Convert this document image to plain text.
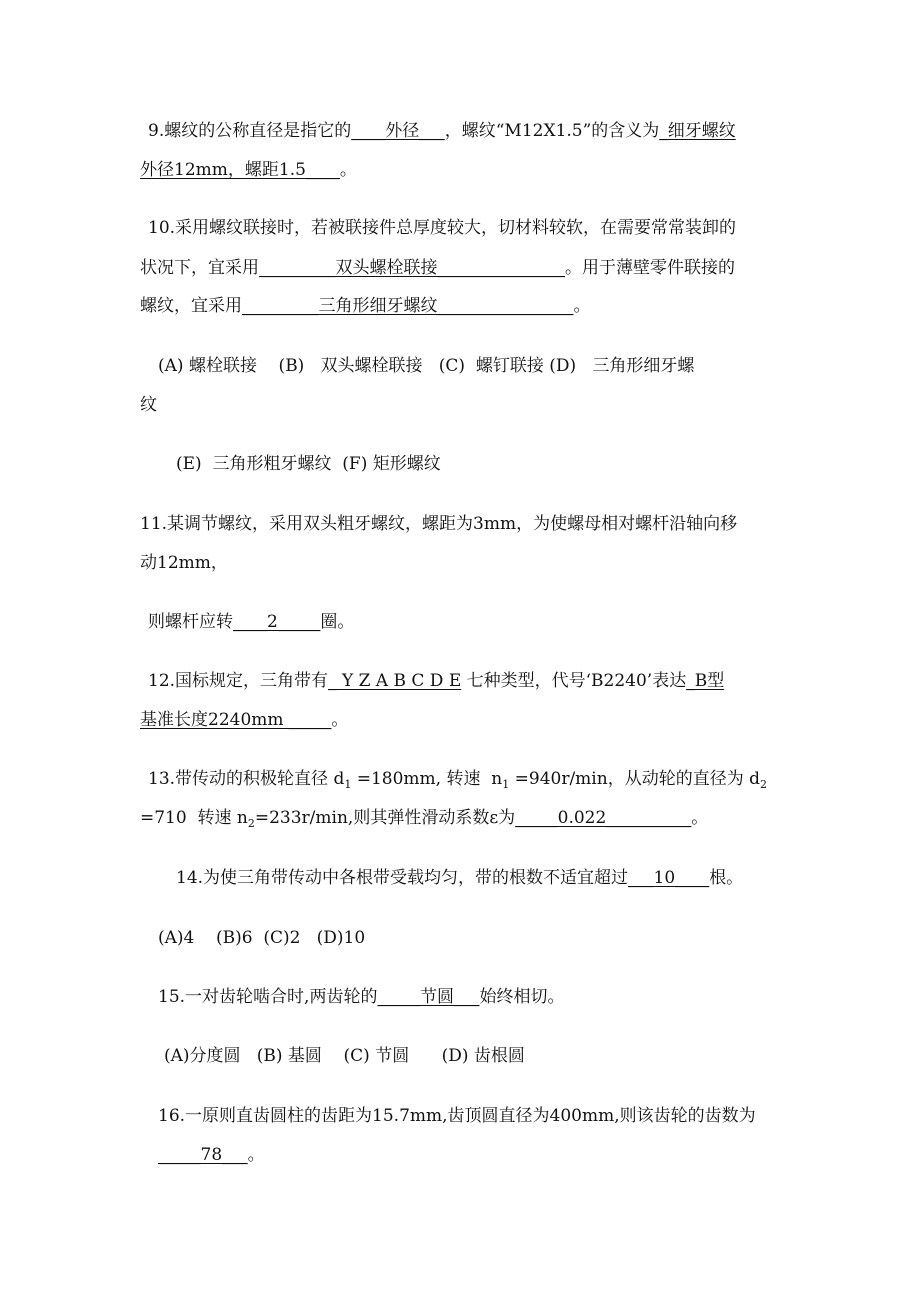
9.螺纹的公称直径是指它的____外径___，螺纹“M12X1.5”的含义为_细牙螺纹
外径12mm，螺距1.5____。
10.采用螺纹联接时，若被联接件总厚度较大，切材料较软，在需要常常装卸的
状况下，宜采用_________双头螺栓联接_______________。用于薄壁零件联接的
螺纹，宜采用_________三角形细牙螺纹________________。
(A) 螺栓联接    (B)   双头螺栓联接   (C)  螺钉联接 (D)   三角形细牙螺
纹
(E)  三角形粗牙螺纹  (F) 矩形螺纹
11.某调节螺纹，采用双头粗牙螺纹，螺距为3mm，为使螺母相对螺杆沿轴向移
动12mm，
则螺杆应转____2_____圈。
12.国标规定，三角带有_ Y Z A B C D E 七种类型，代号‘B2240’表达_B型
基准长度2240mm _____。
13.带传动的积极轮直径 $d_1 =180mm$, 转速  $n_1 =940r/\min$，从动轮的直径为 $d_2$
=710  转速 $n_2=233r/\min$,则其弹性滑动系数ε为_____0.022__________。
14.为使三角带传动中各根带受载均匀，带的根数不适宜超过___10____根。
(A)4    (B)6  (C)2   (D)10
15.一对齿轮啮合时,两齿轮的_____节圆___始终相切。
(A)分度圆   (B) 基圆    (C) 节圆      (D) 齿根圆
16.一原则直齿圆柱的齿距为15.7mm,齿顶圆直径为400mm,则该齿轮的齿数为
_____78___。
